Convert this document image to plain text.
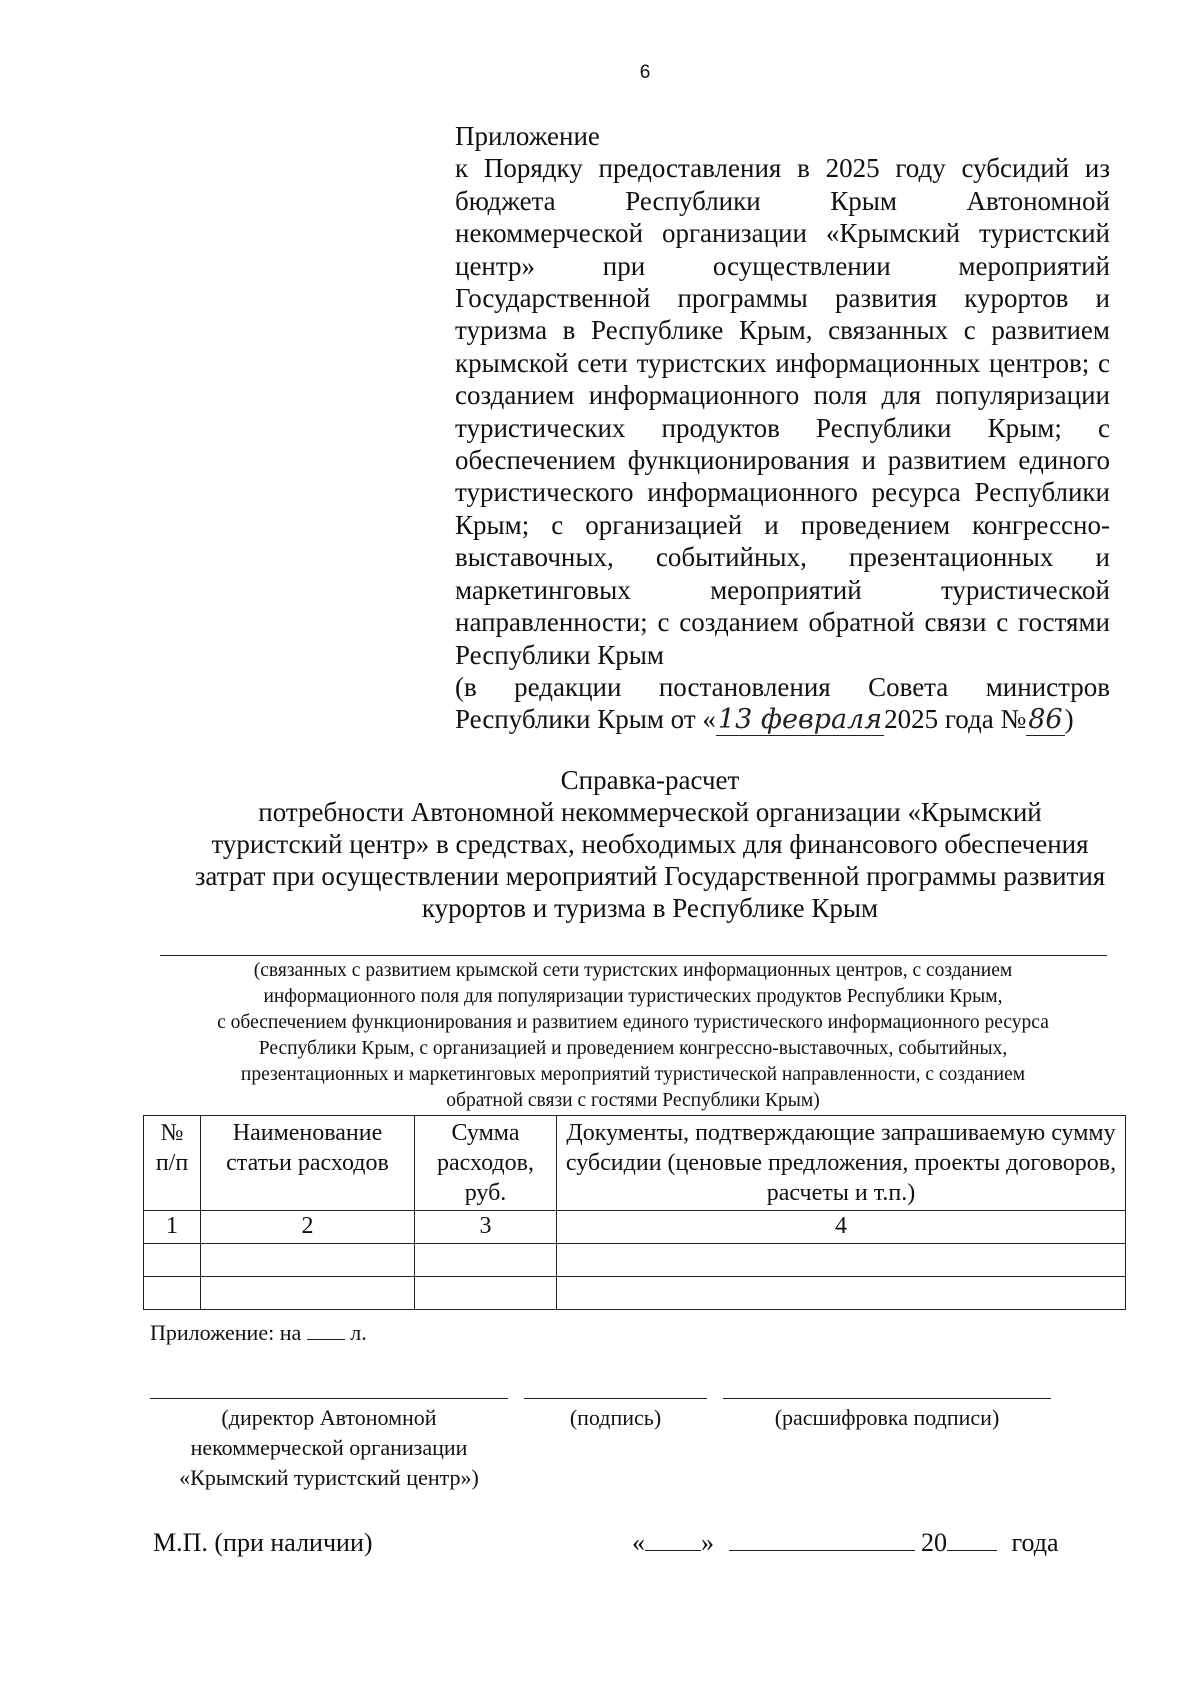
6
Приложение
к Порядку предоставления в 2025 году субсидий из бюджета Республики Крым Автономной некоммерческой организации «Крымский туристский центр» при осуществлении мероприятий Государственной программы развития курортов и туризма в Республике Крым, связанных с развитием крымской сети туристских информационных центров; с созданием информационного поля для популяризации туристических продуктов Республики Крым; с обеспечением функционирования и развитием единого туристического информационного ресурса Республики Крым; с организацией и проведением конгрессно-выставочных, событийных, презентационных и маркетинговых мероприятий туристической направленности; с созданием обратной связи с гостями Республики Крым
(в редакции постановления Совета министров
Республики Крым от «13 февраля2025 года №86)
Справка-расчет
потребности Автономной некоммерческой организации «Крымский
туристский центр» в средствах, необходимых для финансового обеспечения
затрат при осуществлении мероприятий Государственной программы развития
курортов и туризма в Республике Крым
(связанных с развитием крымской сети туристских информационных центров, с созданием
информационного поля для популяризации туристических продуктов Республики Крым,
с обеспечением функционирования и развитием единого туристического информационного ресурса
Республики Крым, с организацией и проведением конгрессно-выставочных, событийных,
презентационных и маркетинговых мероприятий туристической направленности, с созданием
обратной связи с гостями Республики Крым)
№ п/п	Наименование статьи расходов	Сумма расходов, руб.	Документы, подтверждающие запрашиваемую сумму субсидии (ценовые предложения, проекты договоров, расчеты и т.п.)
1	2	3	4

Приложение: на л.
(директор Автономной некоммерческой организации «Крымский туристский центр»)
(подпись)	(расшифровка подписи)
М.П. (при наличии)	« »	20 года
